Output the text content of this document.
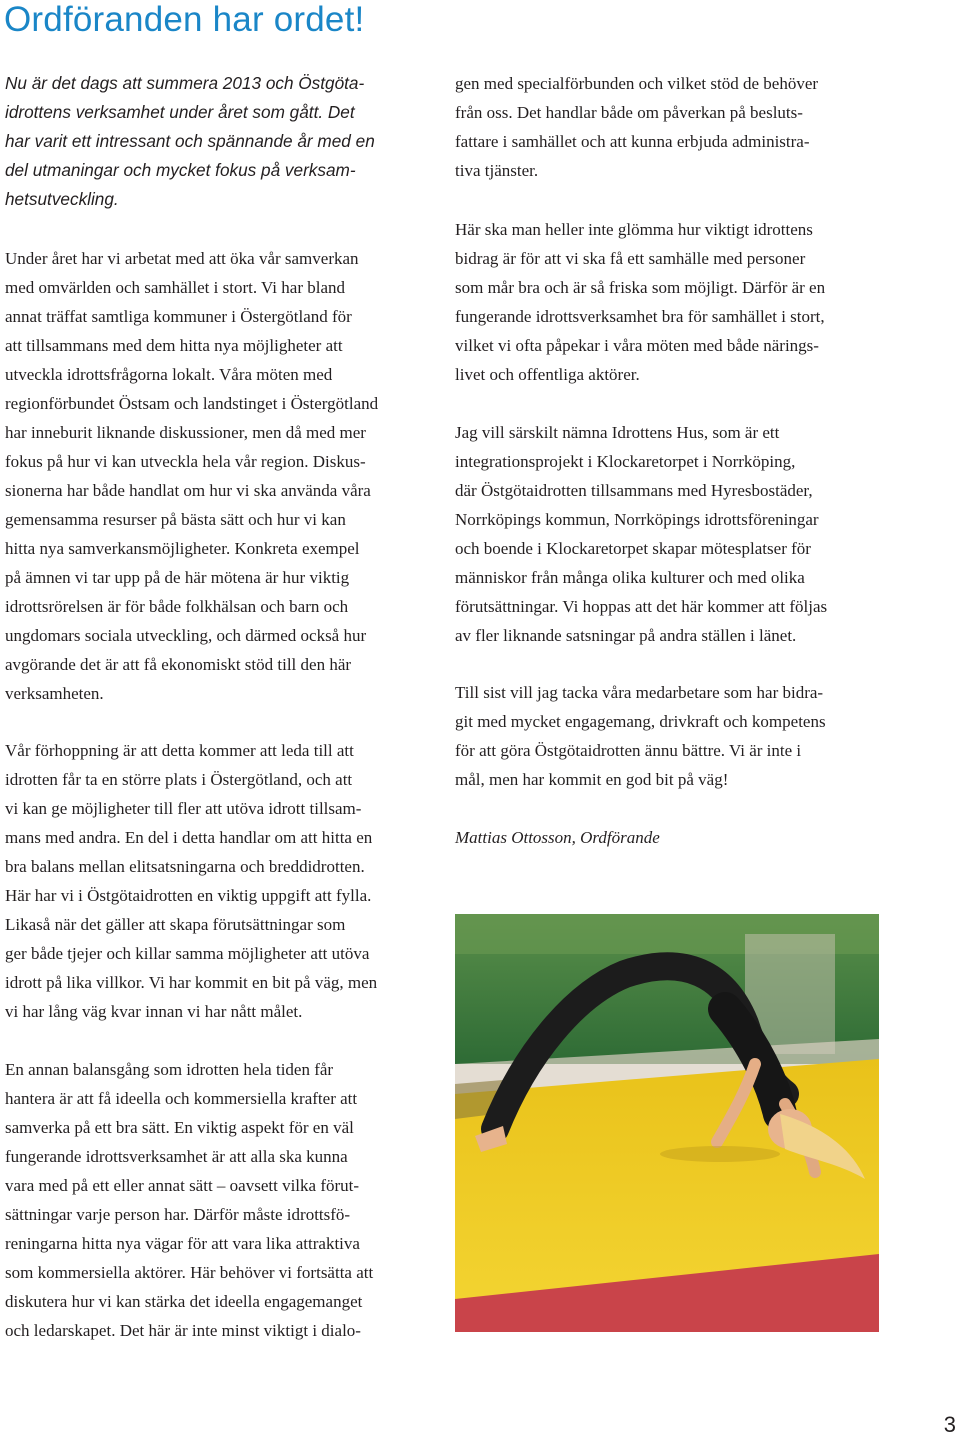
Ordföranden har ordet!
Nu är det dags att summera 2013 och Östgöta-
idrottens verksamhet under året som gått. Det
har varit ett intressant och spännande år med en
del utmaningar och mycket fokus på verksam-
hetsutveckling.

Under året har vi arbetat med att öka vår samverkan
med omvärlden och samhället i stort. Vi har bland
annat träffat samtliga kommuner i Östergötland för
att tillsammans med dem hitta nya möjligheter att
utveckla idrottsfrågorna lokalt. Våra möten med
regionförbundet Östsam och landstinget i Östergötland
har inneburit liknande diskussioner, men då med mer
fokus på hur vi kan utveckla hela vår region. Diskus-
sionerna har både handlat om hur vi ska använda våra
gemensamma resurser på bästa sätt och hur vi kan
hitta nya samverkansmöjligheter. Konkreta exempel
på ämnen vi tar upp på de här mötena är hur viktig
idrottsrörelsen är för både folkhälsan och barn och
ungdomars sociala utveckling, och därmed också hur
avgörande det är att få ekonomiskt stöd till den här
verksamheten.

Vår förhoppning är att detta kommer att leda till att
idrotten får ta en större plats i Östergötland, och att
vi kan ge möjligheter till fler att utöva idrott tillsam-
mans med andra. En del i detta handlar om att hitta en
bra balans mellan elitsatsningarna och breddidrotten.
Här har vi i Östgötaidrotten en viktig uppgift att fylla.
Likaså när det gäller att skapa förutsättningar som
ger både tjejer och killar samma möjligheter att utöva
idrott på lika villkor. Vi har kommit en bit på väg, men
vi har lång väg kvar innan vi har nått målet.

En annan balansgång som idrotten hela tiden får
hantera är att få ideella och kommersiella krafter att
samverka på ett bra sätt. En viktig aspekt för en väl
fungerande idrottsverksamhet är att alla ska kunna
vara med på ett eller annat sätt – oavsett vilka förut-
sättningar varje person har. Därför måste idrottsfö-
reningarna hitta nya vägar för att vara lika attraktiva
som kommersiella aktörer. Här behöver vi fortsätta att
diskutera hur vi kan stärka det ideella engagemanget
och ledarskapet. Det här är inte minst viktigt i dialo-

gen med specialförbunden och vilket stöd de behöver
från oss. Det handlar både om påverkan på besluts-
fattare i samhället och att kunna erbjuda administra-
tiva tjänster.

Här ska man heller inte glömma hur viktigt idrottens
bidrag är för att vi ska få ett samhälle med personer
som mår bra och är så friska som möjligt. Därför är en
fungerande idrottsverksamhet bra för samhället i stort,
vilket vi ofta påpekar i våra möten med både närings-
livet och offentliga aktörer.

Jag vill särskilt nämna Idrottens Hus, som är ett
integrationsprojekt i Klockaretorpet i Norrköping,
där Östgötaidrotten tillsammans med Hyresbostäder,
Norrköpings kommun, Norrköpings idrottsföreningar
och boende i Klockaretorpet skapar mötesplatser för
människor från många olika kulturer och med olika
förutsättningar. Vi hoppas att det här kommer att följas
av fler liknande satsningar på andra ställen i länet.

Till sist vill jag tacka våra medarbetare som har bidra-
git med mycket engagemang, drivkraft och kompetens
för att göra Östgötaidrotten ännu bättre. Vi är inte i
mål, men har kommit en god bit på väg!

Mattias Ottosson, Ordförande

3
